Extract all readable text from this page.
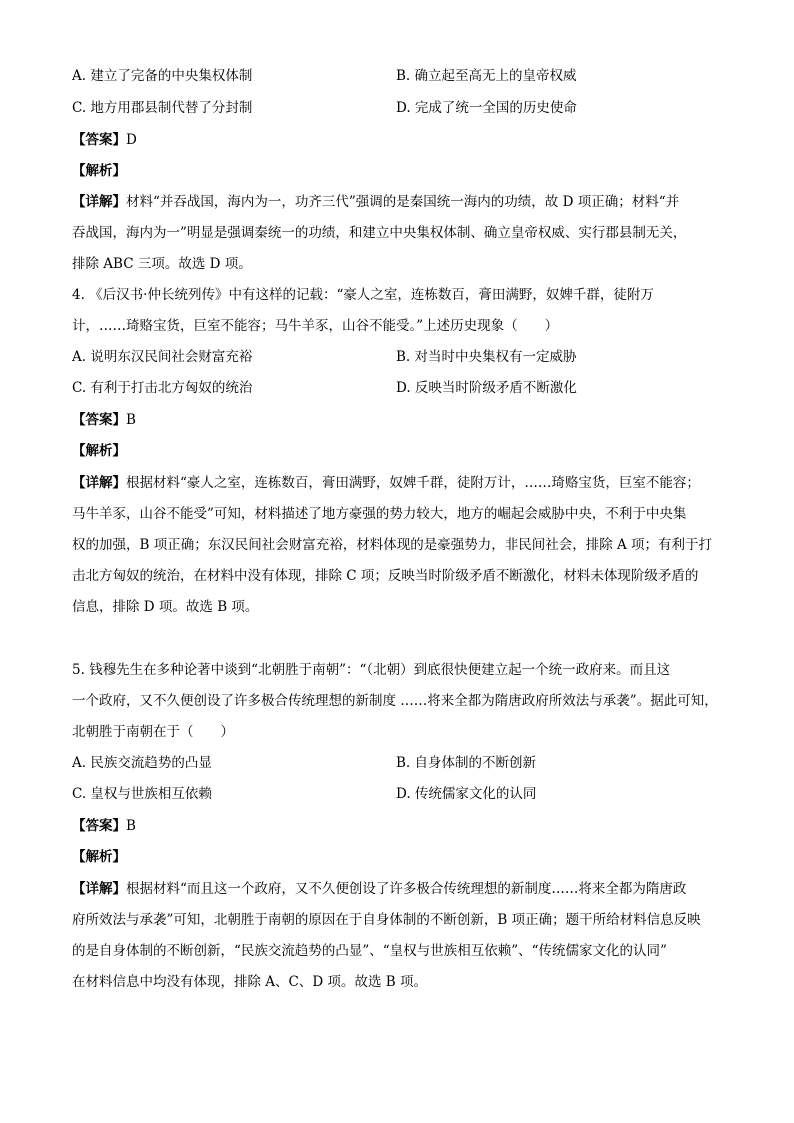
A. 建立了完备的中央集权体制	B. 确立起至高无上的皇帝权威
C. 地方用郡县制代替了分封制	D. 完成了统一全国的历史使命
【答案】D
【解析】
【详解】材料“并吞战国，海内为一，功齐三代”强调的是秦国统一海内的功绩，故 D 项正确；材料“并
吞战国，海内为一”明显是强调秦统一的功绩，和建立中央集权体制、确立皇帝权威、实行郡县制无关，
排除 ABC 三项。故选 D 项。
4. 《后汉书·仲长统列传》中有这样的记载：“豪人之室，连栋数百，膏田满野，奴婢千群，徒附万
计，……琦赂宝货，巨室不能容；马牛羊豕，山谷不能受。”上述历史现象（　　）
A. 说明东汉民间社会财富充裕	B. 对当时中央集权有一定威胁
C. 有利于打击北方匈奴的统治	D. 反映当时阶级矛盾不断激化
【答案】B
【解析】
【详解】根据材料“豪人之室，连栋数百，膏田满野，奴婢千群，徒附万计，……琦赂宝货，巨室不能容；
马牛羊豕，山谷不能受”可知，材料描述了地方豪强的势力较大，地方的崛起会威胁中央，不利于中央集
权的加强，B 项正确；东汉民间社会财富充裕，材料体现的是豪强势力，非民间社会，排除 A 项；有利于打
击北方匈奴的统治，在材料中没有体现，排除 C 项；反映当时阶级矛盾不断激化，材料未体现阶级矛盾的
信息，排除 D 项。故选 B 项。
5. 钱穆先生在多种论著中谈到“北朝胜于南朝”：“（北朝）到底很快便建立起一个统一政府来。而且这
一个政府，又不久便创设了许多极合传统理想的新制度 ……将来全都为隋唐政府所效法与承袭”。据此可知，
北朝胜于南朝在于（　　）
A. 民族交流趋势的凸显	B. 自身体制的不断创新
C. 皇权与世族相互依赖	D. 传统儒家文化的认同
【答案】B
【解析】
【详解】根据材料“而且这一个政府，又不久便创设了许多极合传统理想的新制度……将来全都为隋唐政
府所效法与承袭”可知，北朝胜于南朝的原因在于自身体制的不断创新，B 项正确；题干所给材料信息反映
的是自身体制的不断创新，“民族交流趋势的凸显”、“皇权与世族相互依赖”、“传统儒家文化的认同”
在材料信息中均没有体现，排除 A、C、D 项。故选 B 项。
